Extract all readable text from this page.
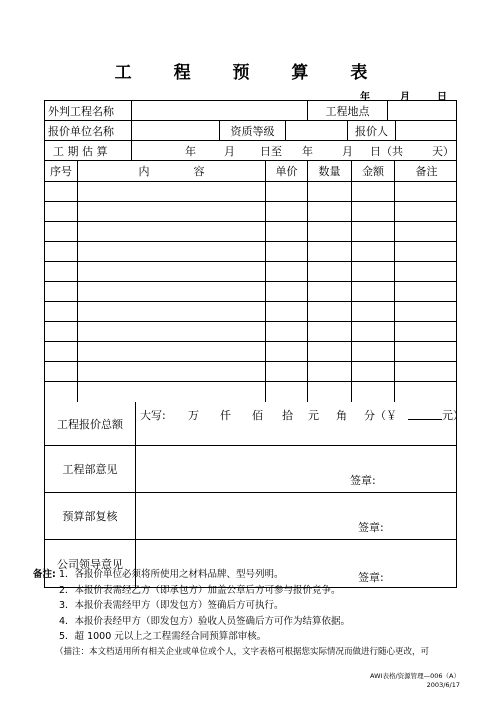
工 程 预 算 表
年	月	日
外判工程名称	工程地点
报价单位名称	资质等级	报价人
工 期 估 算	年	月 日至 年	月 日（共	天）
序号	内　　　　容	单价	数量	金额	备注
工程报价总额
大写: 万 仟 佰 拾 元 角 分（￥	元）
工程部意见
签章:
预算部复核
签章:
公司领导意见
签章:
备注: 1．各报价单位必须将所使用之材料品牌、型号列明。
2．本报价表需经乙方（即承包方）加盖公章后方可参与报价竞争。
3．本报价表需经甲方（即发包方）签确后方可执行。
4．本报价表经甲方（即发包方）验收人员签确后方可作为结算依据。
5．超 1000 元以上之工程需经合同预算部审核。
（描注：本文档适用所有相关企业或单位或个人，文字表格可根据您实际情况而做进行随心更改，可
AWI表格/资源管理—006（A）
2003/6/17
